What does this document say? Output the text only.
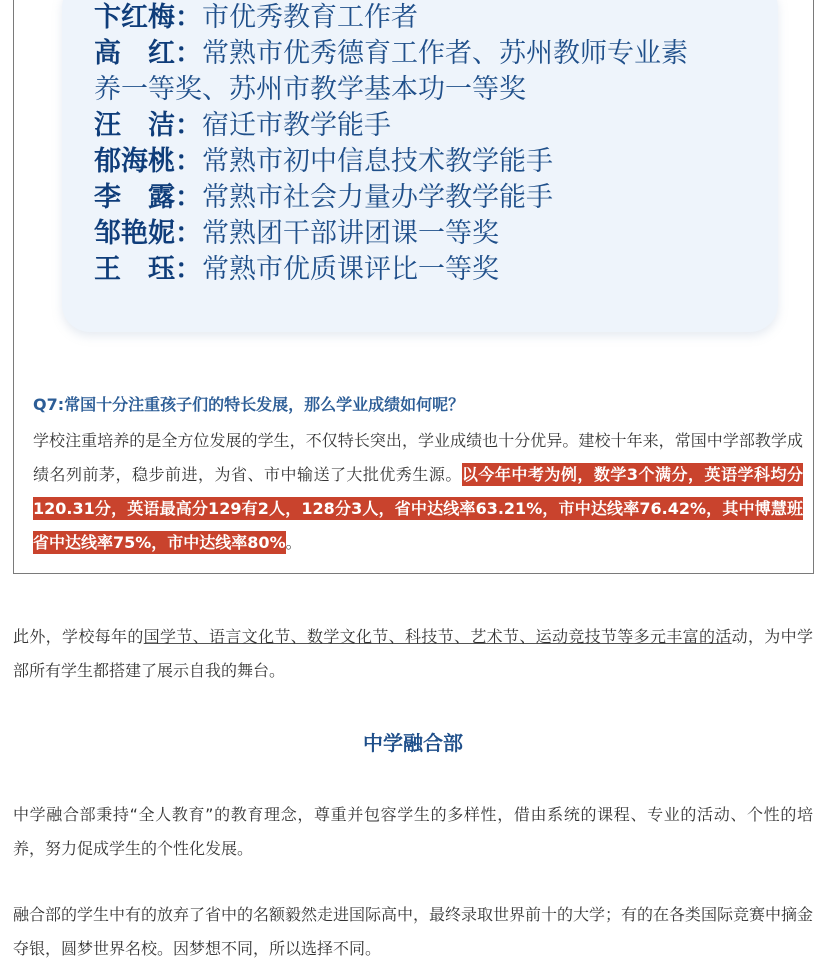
卞红梅：市优秀教育工作者
高　红：常熟市优秀德育工作者、苏州教师专业素
养一等奖、苏州市教学基本功一等奖
汪　洁：宿迁市教学能手
郁海桃：常熟市初中信息技术教学能手
李　露：常熟市社会力量办学教学能手
邹艳妮：常熟团干部讲团课一等奖
王　珏：常熟市优质课评比一等奖
Q7:常国十分注重孩子们的特长发展，那么学业成绩如何呢？
学校注重培养的是全方位发展的学生，不仅特长突出，学业成绩也十分优异。建校十年来，常国中学部教学成绩名列前茅，稳步前进，为省、市中输送了大批优秀生源。以今年中考为例，数学3个满分，英语学科均分120.31分，英语最高分129有2人，128分3人，省中达线率63.21%，市中达线率76.42%，其中博慧班省中达线率75%，市中达线率80%。
此外，学校每年的国学节、语言文化节、数学文化节、科技节、艺术节、运动竞技节等多元丰富的活动，为中学部所有学生都搭建了展示自我的舞台。
中学融合部
中学融合部秉持“全人教育”的教育理念，尊重并包容学生的多样性，借由系统的课程、专业的活动、个性的培养，努力促成学生的个性化发展。
融合部的学生中有的放弃了省中的名额毅然走进国际高中，最终录取世界前十的大学；有的在各类国际竞赛中摘金夺银，圆梦世界名校。因梦想不同，所以选择不同。
